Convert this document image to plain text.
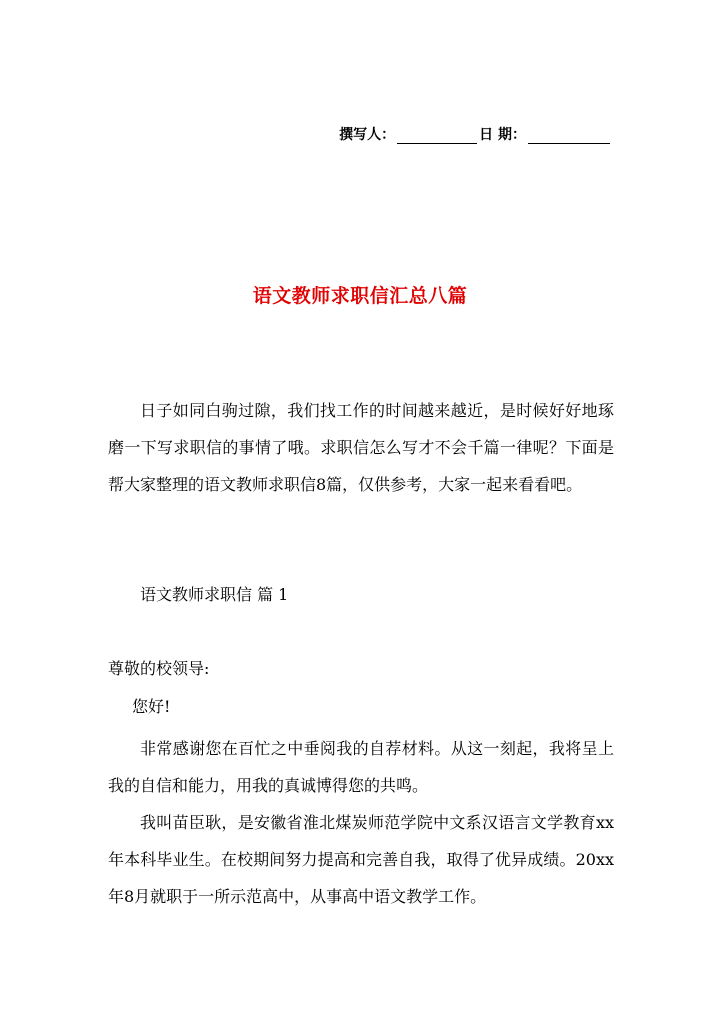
撰写人：	日 期：
语文教师求职信汇总八篇

日子如同白驹过隙，我们找工作的时间越来越近，是时候好好地琢磨一下写求职信的事情了哦。求职信怎么写才不会千篇一律呢？下面是帮大家整理的语文教师求职信8篇，仅供参考，大家一起来看看吧。

语文教师求职信 篇 1
尊敬的校领导:
您好!

非常感谢您在百忙之中垂阅我的自荐材料。从这一刻起，我将呈上我的自信和能力，用我的真诚博得您的共鸣。

我叫苗臣耿，是安徽省淮北煤炭师范学院中文系汉语言文学教育xx年本科毕业生。在校期间努力提高和完善自我，取得了优异成绩。20xx年8月就职于一所示范高中，从事高中语文教学工作。
